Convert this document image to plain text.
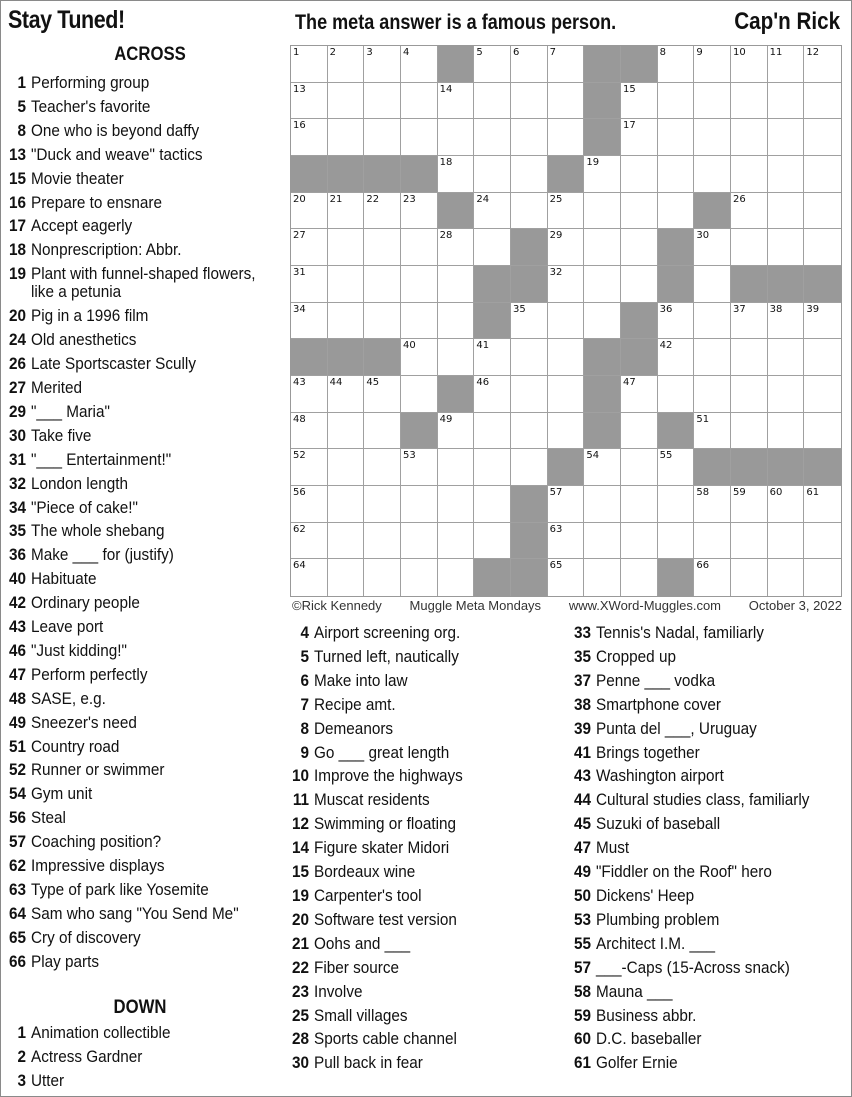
Stay Tuned!	The meta answer is a famous person.	Cap'n Rick
ACROSS
1 Performing group
5 Teacher's favorite
8 One who is beyond daffy
13 "Duck and weave" tactics
15 Movie theater
16 Prepare to ensnare
17 Accept eagerly
18 Nonprescription: Abbr.
19 Plant with funnel-shaped flowers, like a petunia
20 Pig in a 1996 film
24 Old anesthetics
26 Late Sportscaster Scully
27 Merited
29 "___ Maria"
30 Take five
31 "___ Entertainment!"
32 London length
34 "Piece of cake!"
35 The whole shebang
36 Make ___ for (justify)
40 Habituate
42 Ordinary people
43 Leave port
46 "Just kidding!"
47 Perform perfectly
48 SASE, e.g.
49 Sneezer's need
51 Country road
52 Runner or swimmer
54 Gym unit
56 Steal
57 Coaching position?
62 Impressive displays
63 Type of park like Yosemite
64 Sam who sang "You Send Me"
65 Cry of discovery
66 Play parts
DOWN
1 Animation collectible
2 Actress Gardner
3 Utter
4 Airport screening org.
5 Turned left, nautically
6 Make into law
7 Recipe amt.
8 Demeanors
9 Go ___ great length
10 Improve the highways
11 Muscat residents
12 Swimming or floating
14 Figure skater Midori
15 Bordeaux wine
19 Carpenter's tool
20 Software test version
21 Oohs and ___
22 Fiber source
23 Involve
25 Small villages
28 Sports cable channel
30 Pull back in fear
33 Tennis's Nadal, familiarly
35 Cropped up
37 Penne ___ vodka
38 Smartphone cover
39 Punta del ___, Uruguay
41 Brings together
43 Washington airport
44 Cultural studies class, familiarly
45 Suzuki of baseball
47 Must
49 "Fiddler on the Roof" hero
50 Dickens' Heep
53 Plumbing problem
55 Architect I.M. ___
57 ___-Caps (15-Across snack)
58 Mauna ___
59 Business abbr.
60 D.C. baseballer
61 Golfer Ernie
1	2	3	4	5	6	7	8	9	10 11 12
13	14	15
16	17
18	19
20 21 22 23	24	25	26
27	28	29	30
31	32
34	35	36	37 38 39
40	41	42
43 44 45	46	47
48	49	51
52	53	54	55
56	57	58 59 60 61
62	63
64	65	66
©Rick Kennedy Muggle Meta Mondays www.XWord-Muggles.com October 3, 2022
